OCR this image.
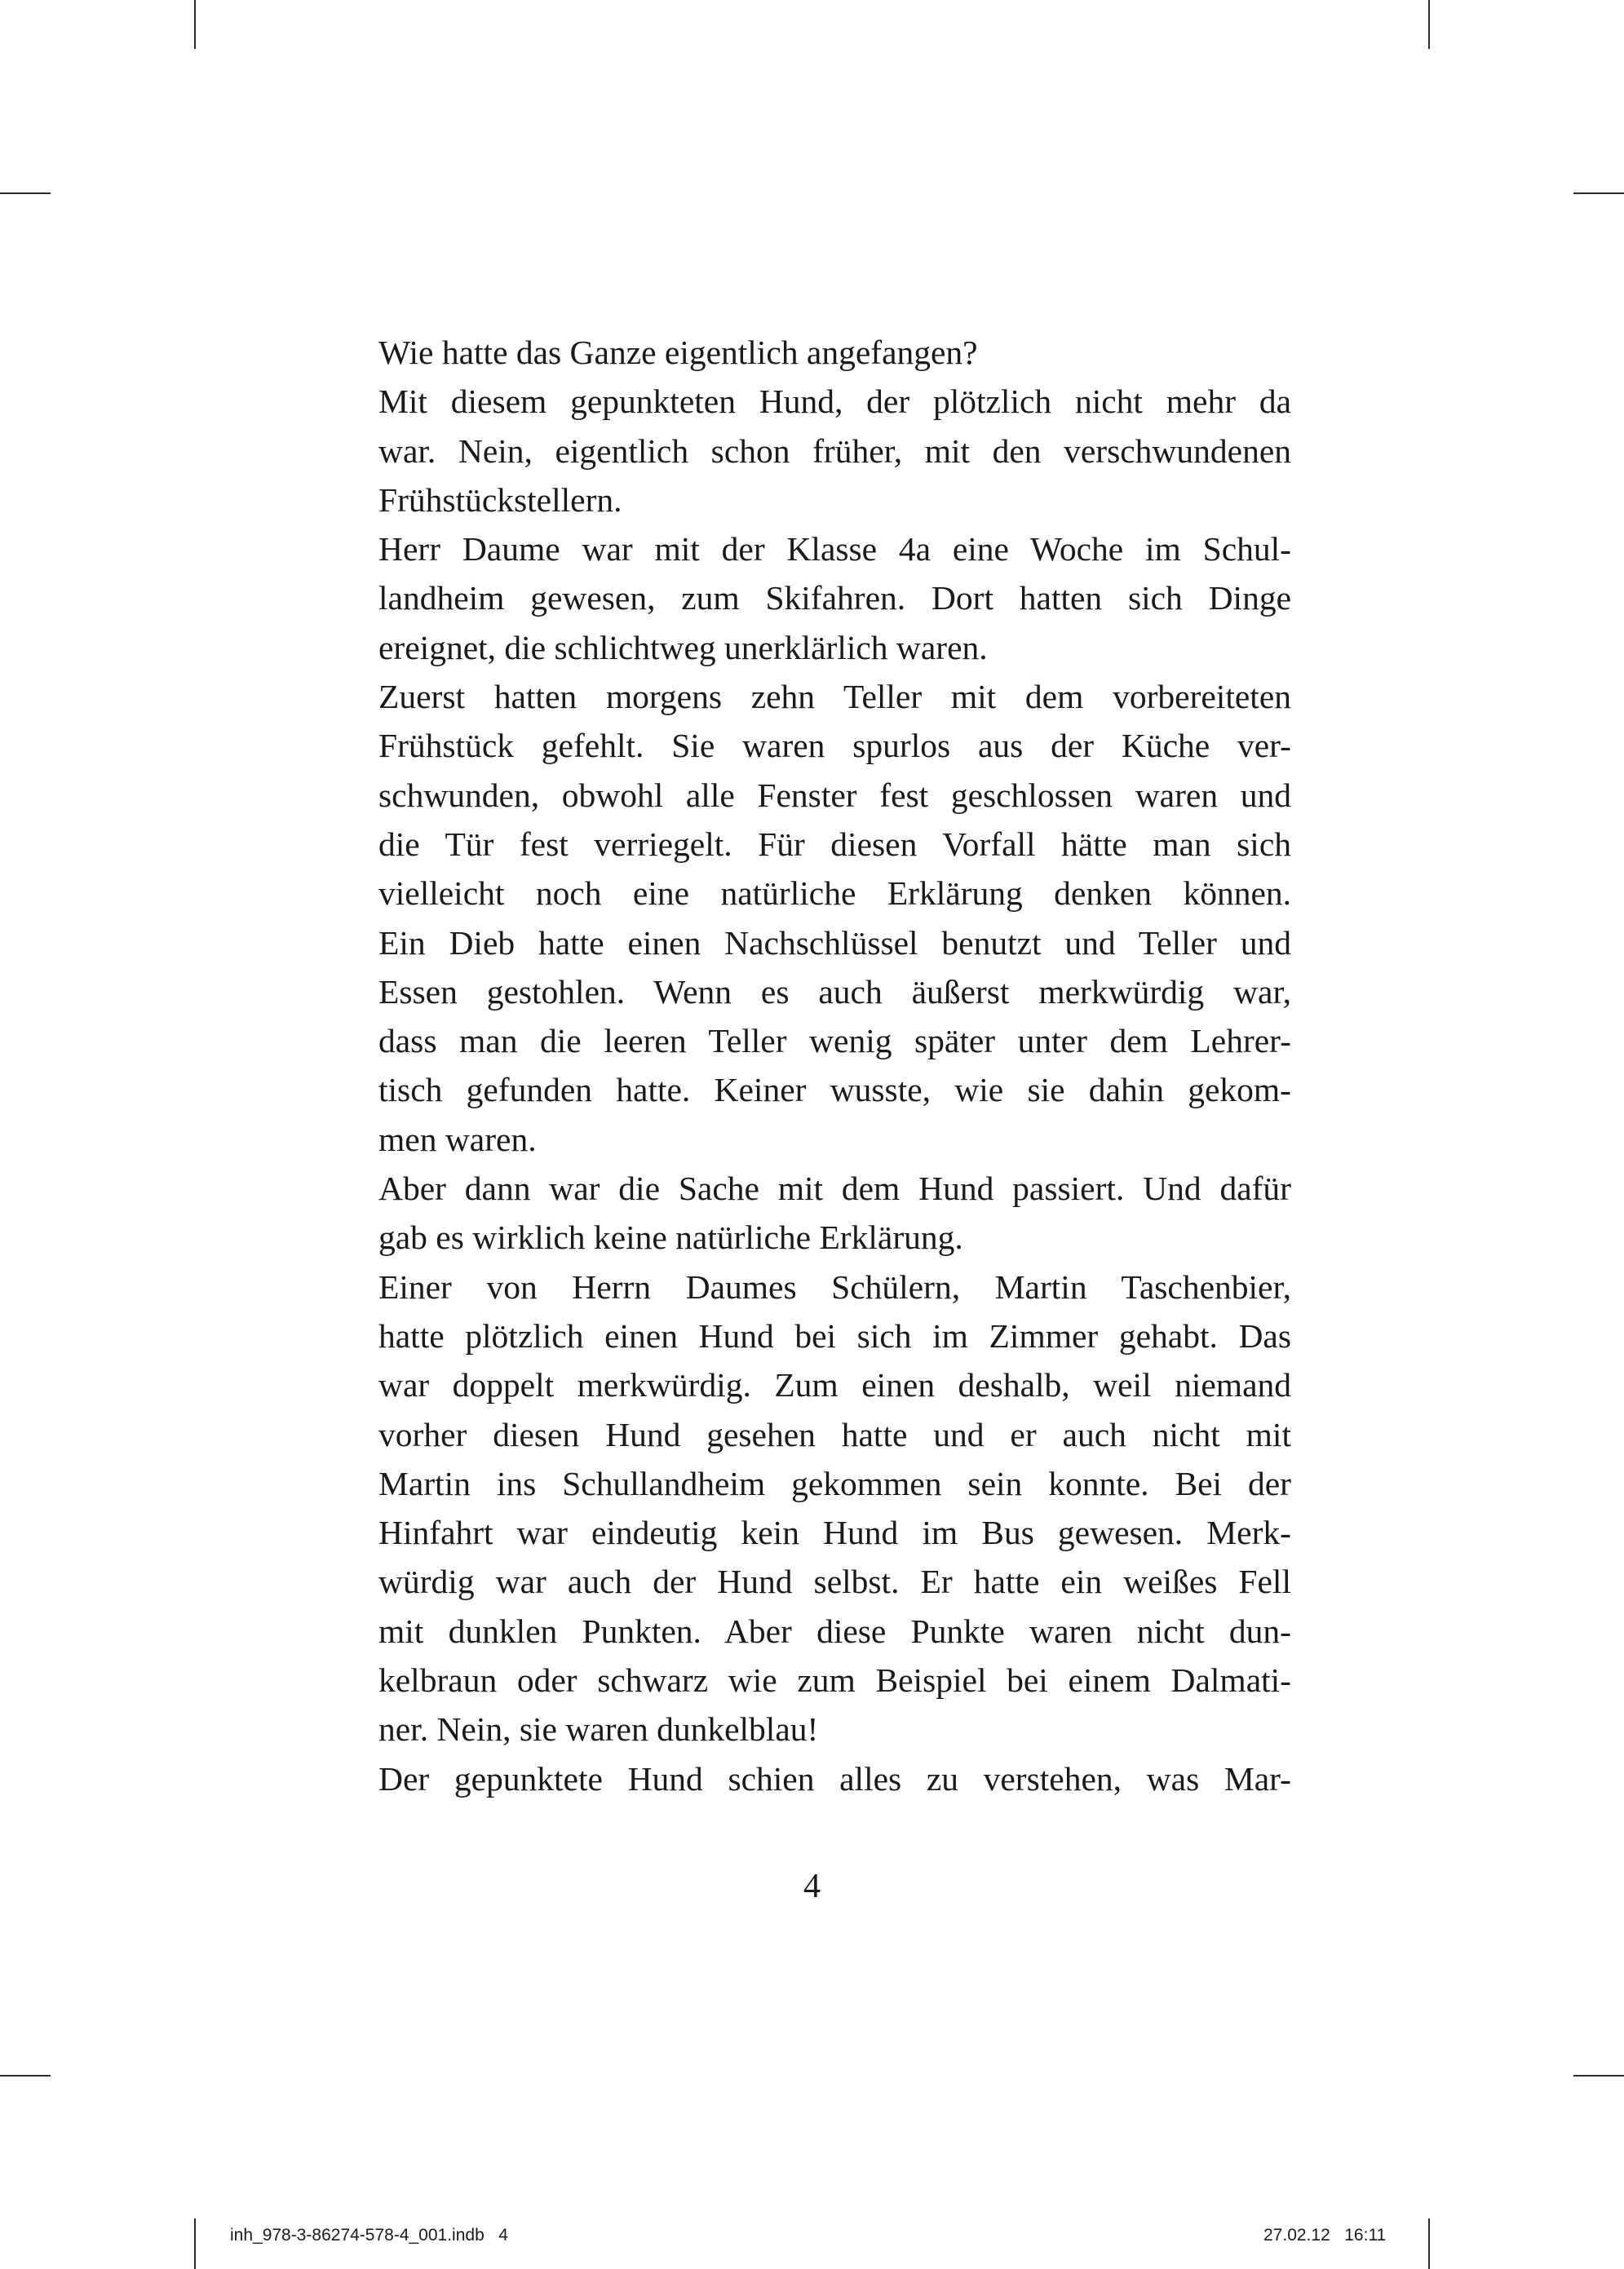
Wie hatte das Ganze eigentlich angefangen?
Mit diesem gepunkteten Hund, der plötzlich nicht mehr da
war. Nein, eigentlich schon früher, mit den verschwundenen
Frühstückstellern.
Herr Daume war mit der Klasse 4a eine Woche im Schul-
landheim gewesen, zum Skifahren. Dort hatten sich Dinge
ereignet, die schlichtweg unerklärlich waren.
Zuerst hatten morgens zehn Teller mit dem vorbereiteten
Frühstück gefehlt. Sie waren spurlos aus der Küche ver-
schwunden, obwohl alle Fenster fest geschlossen waren und
die Tür fest verriegelt. Für diesen Vorfall hätte man sich
vielleicht noch eine natürliche Erklärung denken können.
Ein Dieb hatte einen Nachschlüssel benutzt und Teller und
Essen gestohlen. Wenn es auch äußerst merkwürdig war,
dass man die leeren Teller wenig später unter dem Lehrer-
tisch gefunden hatte. Keiner wusste, wie sie dahin gekom-
men waren.
Aber dann war die Sache mit dem Hund passiert. Und dafür
gab es wirklich keine natürliche Erklärung.
Einer von Herrn Daumes Schülern, Martin Taschenbier,
hatte plötzlich einen Hund bei sich im Zimmer gehabt. Das
war doppelt merkwürdig. Zum einen deshalb, weil niemand
vorher diesen Hund gesehen hatte und er auch nicht mit
Martin ins Schullandheim gekommen sein konnte. Bei der
Hinfahrt war eindeutig kein Hund im Bus gewesen. Merk-
würdig war auch der Hund selbst. Er hatte ein weißes Fell
mit dunklen Punkten. Aber diese Punkte waren nicht dun-
kelbraun oder schwarz wie zum Beispiel bei einem Dalmati-
ner. Nein, sie waren dunkelblau!
Der gepunktete Hund schien alles zu verstehen, was Mar-
4
inh_978-3-86274-578-4_001.indb   4	27.02.12   16:11
